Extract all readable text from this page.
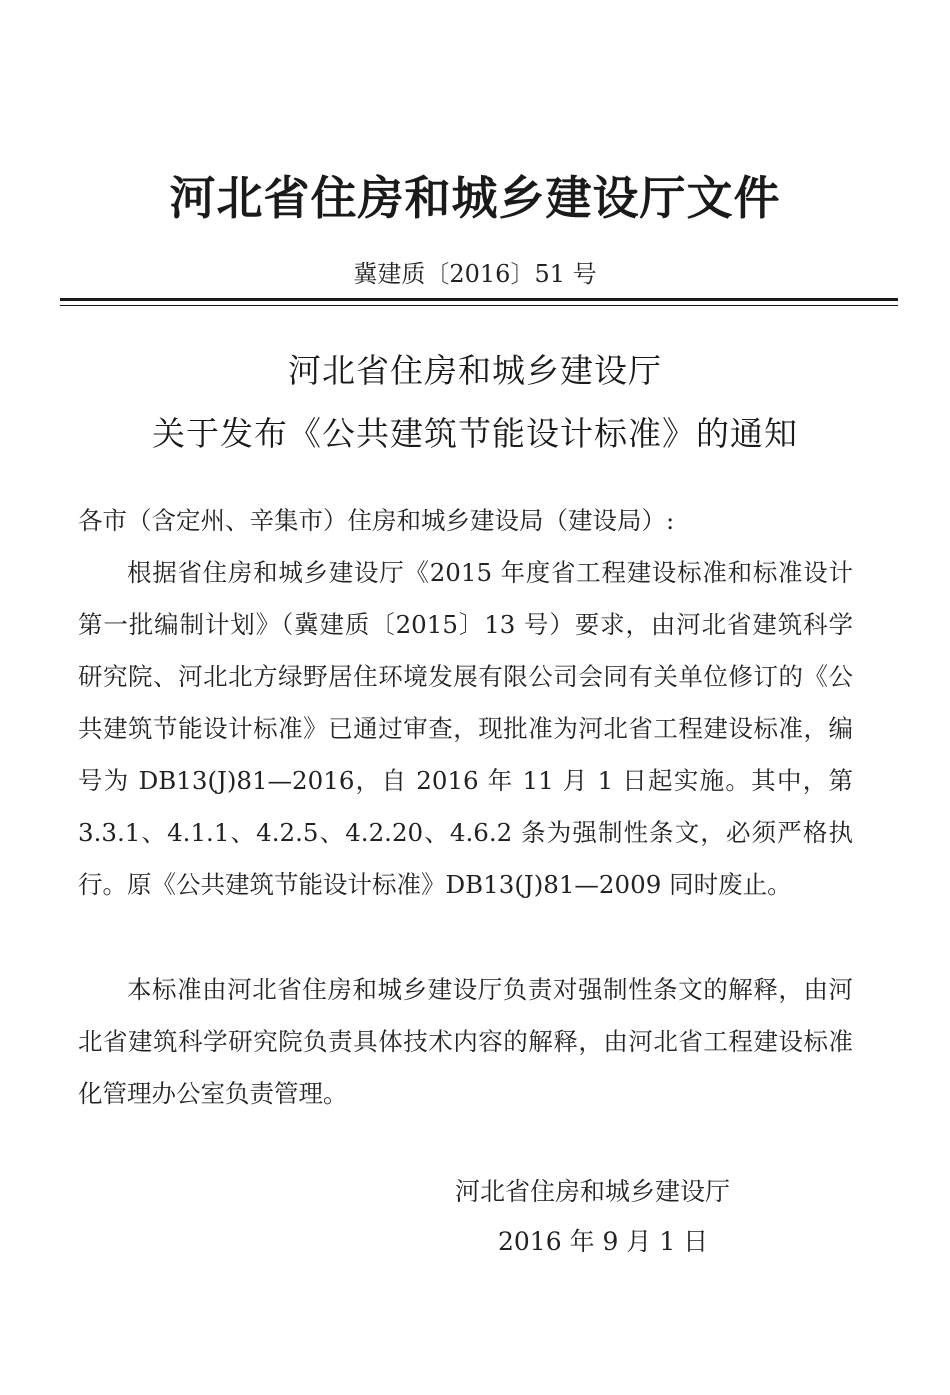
河北省住房和城乡建设厅文件
冀建质〔2016〕51 号
河北省住房和城乡建设厅
关于发布《公共建筑节能设计标准》的通知
各市（含定州、辛集市）住房和城乡建设局（建设局）:
根据省住房和城乡建设厅《2015 年度省工程建设标准和标准设计第一批编制计划》（冀建质〔2015〕13 号）要求，由河北省建筑科学研究院、河北北方绿野居住环境发展有限公司会同有关单位修订的《公共建筑节能设计标准》已通过审查，现批准为河北省工程建设标准，编号为 DB13(J)81—2016，自 2016 年 11 月 1 日起实施。其中，第 3.3.1、4.1.1、4.2.5、4.2.20、4.6.2 条为强制性条文，必须严格执行。原《公共建筑节能设计标准》DB13(J)81—2009 同时废止。
本标准由河北省住房和城乡建设厅负责对强制性条文的解释，由河北省建筑科学研究院负责具体技术内容的解释，由河北省工程建设标准化管理办公室负责管理。
河北省住房和城乡建设厅
2016 年 9 月 1 日
